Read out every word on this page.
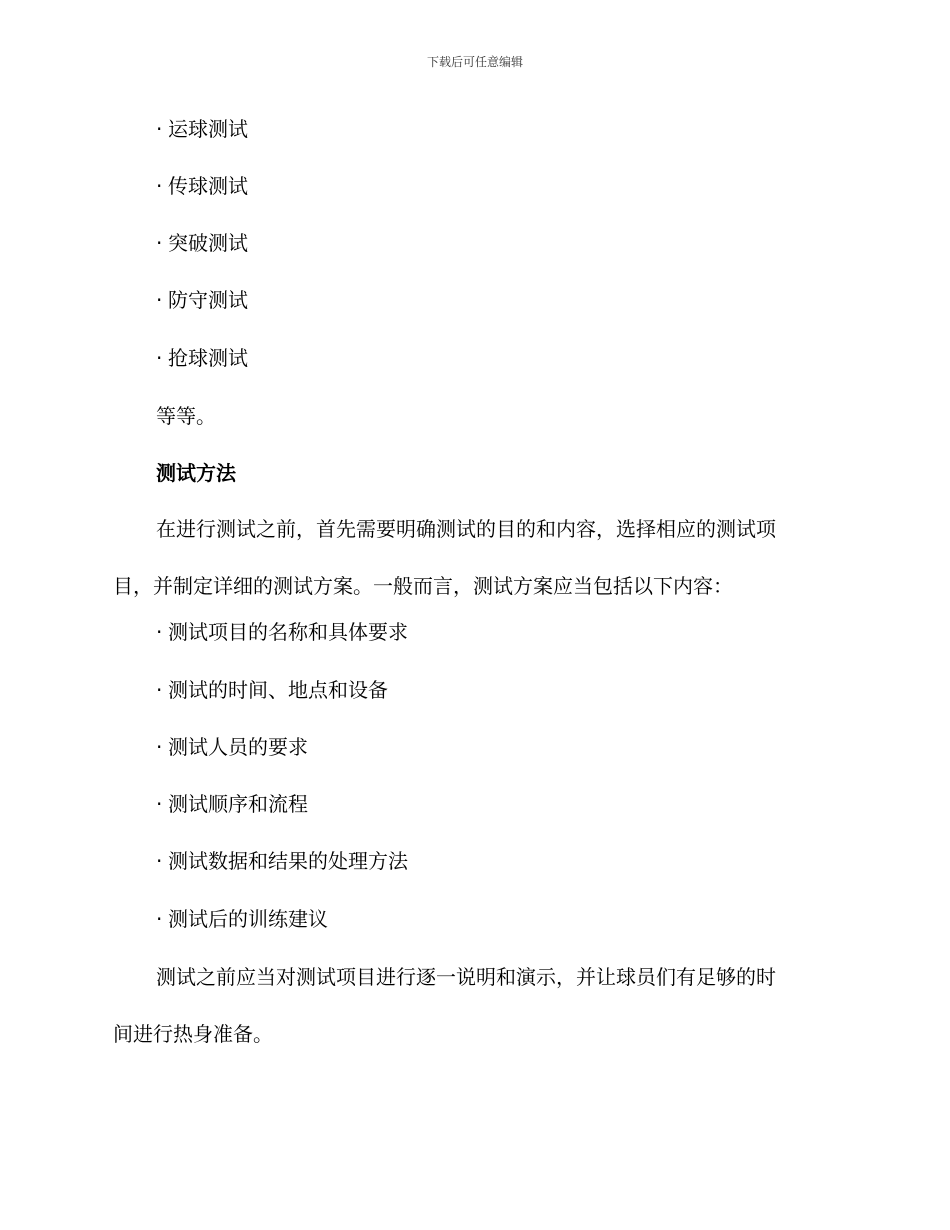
下载后可任意编辑
· 运球测试
· 传球测试
· 突破测试
· 防守测试
· 抢球测试
等等。
测试方法
在进行测试之前，首先需要明确测试的目的和内容，选择相应的测试项
目，并制定详细的测试方案。一般而言，测试方案应当包括以下内容：
· 测试项目的名称和具体要求
· 测试的时间、地点和设备
· 测试人员的要求
· 测试顺序和流程
· 测试数据和结果的处理方法
· 测试后的训练建议
测试之前应当对测试项目进行逐一说明和演示，并让球员们有足够的时
间进行热身准备。
